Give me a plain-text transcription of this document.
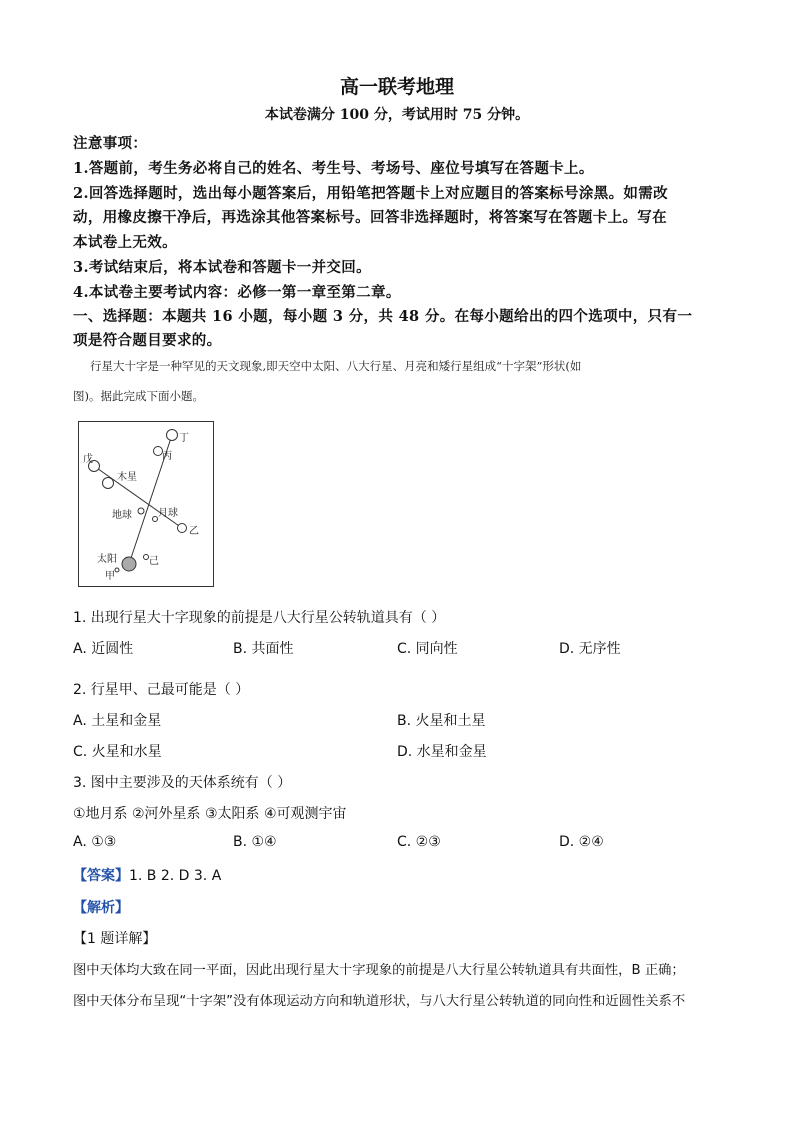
高一联考地理
本试卷满分 100 分，考试用时 75 分钟。
注意事项：
1.答题前，考生务必将自己的姓名、考生号、考场号、座位号填写在答题卡上。
2.回答选择题时，选出每小题答案后，用铅笔把答题卡上对应题目的答案标号涂黑。如需改
动，用橡皮擦干净后，再选涂其他答案标号。回答非选择题时，将答案写在答题卡上。写在
本试卷上无效。
3.考试结束后，将本试卷和答题卡一并交回。
4.本试卷主要考试内容：必修一第一章至第二章。
一、选择题：本题共 16 小题，每小题 3 分，共 48 分。在每小题给出的四个选项中，只有一
项是符合题目要求的。
行星大十字是一种罕见的天文现象,即天空中太阳、八大行星、月亮和矮行星组成“十字架”形状(如
图)。据此完成下面小题。
丁
丙
戊
木星
地球	月球
乙
己
太阳
甲
1. 出现行星大十字现象的前提是八大行星公转轨道具有（ ）
A. 近圆性	B. 共面性	C. 同向性	D. 无序性
2. 行星甲、己最可能是（ ）
A. 土星和金星	B. 火星和土星
C. 火星和水星	D. 水星和金星
3. 图中主要涉及的天体系统有（ ）
①地月系 ②河外星系 ③太阳系 ④可观测宇宙
A. ①③	B. ①④	C. ②③	D. ②④
【答案】1. B 2. D 3. A
【解析】
【1 题详解】
图中天体均大致在同一平面，因此出现行星大十字现象的前提是八大行星公转轨道具有共面性，B 正确；
图中天体分布呈现“十字架”没有体现运动方向和轨道形状，与八大行星公转轨道的同向性和近圆性关系不
